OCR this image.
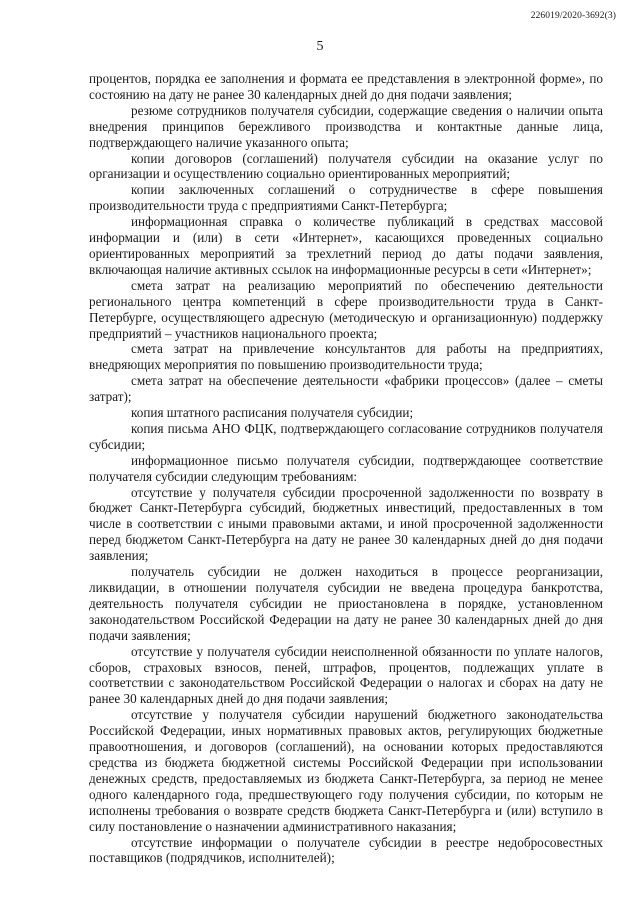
226019/2020-3692(3)
5

процентов, порядка ее заполнения и формата ее представления в электронной форме», по состоянию на дату не ранее 30 календарных дней до дня подачи заявления;

резюме сотрудников получателя субсидии, содержащие сведения о наличии опыта внедрения принципов бережливого производства и контактные данные лица, подтверждающего наличие указанного опыта;

копии договоров (соглашений) получателя субсидии на оказание услуг по организации и осуществлению социально ориентированных мероприятий;

копии заключенных соглашений о сотрудничестве в сфере повышения производительности труда с предприятиями Санкт-Петербурга;

информационная справка о количестве публикаций в средствах массовой информации и (или) в сети «Интернет», касающихся проведенных социально ориентированных мероприятий за трехлетний период до даты подачи заявления, включающая наличие активных ссылок на информационные ресурсы в сети «Интернет»;

смета затрат на реализацию мероприятий по обеспечению деятельности регионального центра компетенций в сфере производительности труда в Санкт-Петербурге, осуществляющего адресную (методическую и организационную) поддержку предприятий – участников национального проекта;

смета затрат на привлечение консультантов для работы на предприятиях, внедряющих мероприятия по повышению производительности труда;

смета затрат на обеспечение деятельности «фабрики процессов» (далее – сметы затрат);

копия штатного расписания получателя субсидии;

копия письма АНО ФЦК, подтверждающего согласование сотрудников получателя субсидии;

информационное письмо получателя субсидии, подтверждающее соответствие получателя субсидии следующим требованиям:

отсутствие у получателя субсидии просроченной задолженности по возврату в бюджет Санкт-Петербурга субсидий, бюджетных инвестиций, предоставленных в том числе в соответствии с иными правовыми актами, и иной просроченной задолженности перед бюджетом Санкт-Петербурга на дату не ранее 30 календарных дней до дня подачи заявления;

получатель субсидии не должен находиться в процессе реорганизации, ликвидации, в отношении получателя субсидии не введена процедура банкротства, деятельность получателя субсидии не приостановлена в порядке, установленном законодательством Российской Федерации на дату не ранее 30 календарных дней до дня подачи заявления;

отсутствие у получателя субсидии неисполненной обязанности по уплате налогов, сборов, страховых взносов, пеней, штрафов, процентов, подлежащих уплате в соответствии с законодательством Российской Федерации о налогах и сборах на дату не ранее 30 календарных дней до дня подачи заявления;

отсутствие у получателя субсидии нарушений бюджетного законодательства Российской Федерации, иных нормативных правовых актов, регулирующих бюджетные правоотношения, и договоров (соглашений), на основании которых предоставляются средства из бюджета бюджетной системы Российской Федерации при использовании денежных средств, предоставляемых из бюджета Санкт-Петербурга, за период не менее одного календарного года, предшествующего году получения субсидии, по которым не исполнены требования о возврате средств бюджета Санкт-Петербурга и (или) вступило в силу постановление о назначении административного наказания;

отсутствие информации о получателе субсидии в реестре недобросовестных поставщиков (подрядчиков, исполнителей);
